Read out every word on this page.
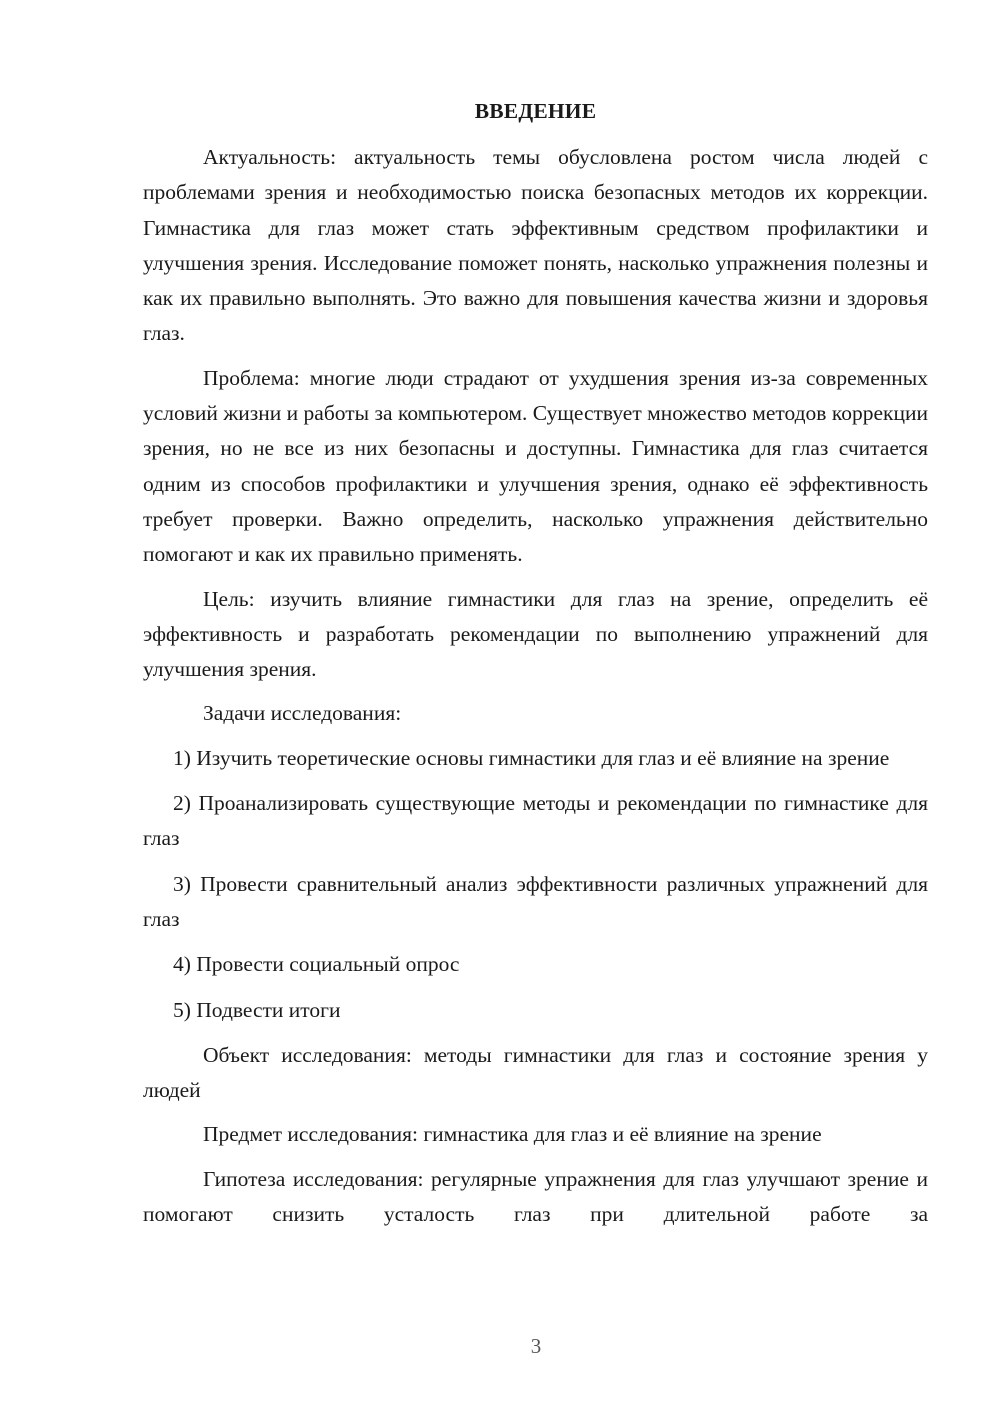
ВВЕДЕНИЕ

Актуальность: актуальность темы обусловлена ростом числа людей с проблемами зрения и необходимостью поиска безопасных методов их коррекции. Гимнастика для глаз может стать эффективным средством профилактики и улучшения зрения. Исследование поможет понять, насколько упражнения полезны и как их правильно выполнять. Это важно для повышения качества жизни и здоровья глаз.

Проблема: многие люди страдают от ухудшения зрения из-за современных условий жизни и работы за компьютером. Существует множество методов коррекции зрения, но не все из них безопасны и доступны. Гимнастика для глаз считается одним из способов профилактики и улучшения зрения, однако её эффективность требует проверки. Важно определить, насколько упражнения действительно помогают и как их правильно применять.

Цель: изучить влияние гимнастики для глаз на зрение, определить её эффективность и разработать рекомендации по выполнению упражнений для улучшения зрения.

Задачи исследования:

1) Изучить теоретические основы гимнастики для глаз и её влияние на зрение

2) Проанализировать существующие методы и рекомендации по гимнастике для глаз

3) Провести сравнительный анализ эффективности различных упражнений для глаз

4) Провести социальный опрос

5) Подвести итоги

Объект исследования: методы гимнастики для глаз и состояние зрения у людей

Предмет исследования: гимнастика для глаз и её влияние на зрение

Гипотеза исследования: регулярные упражнения для глаз улучшают зрение и помогают снизить усталость глаз при длительной работе за

3
